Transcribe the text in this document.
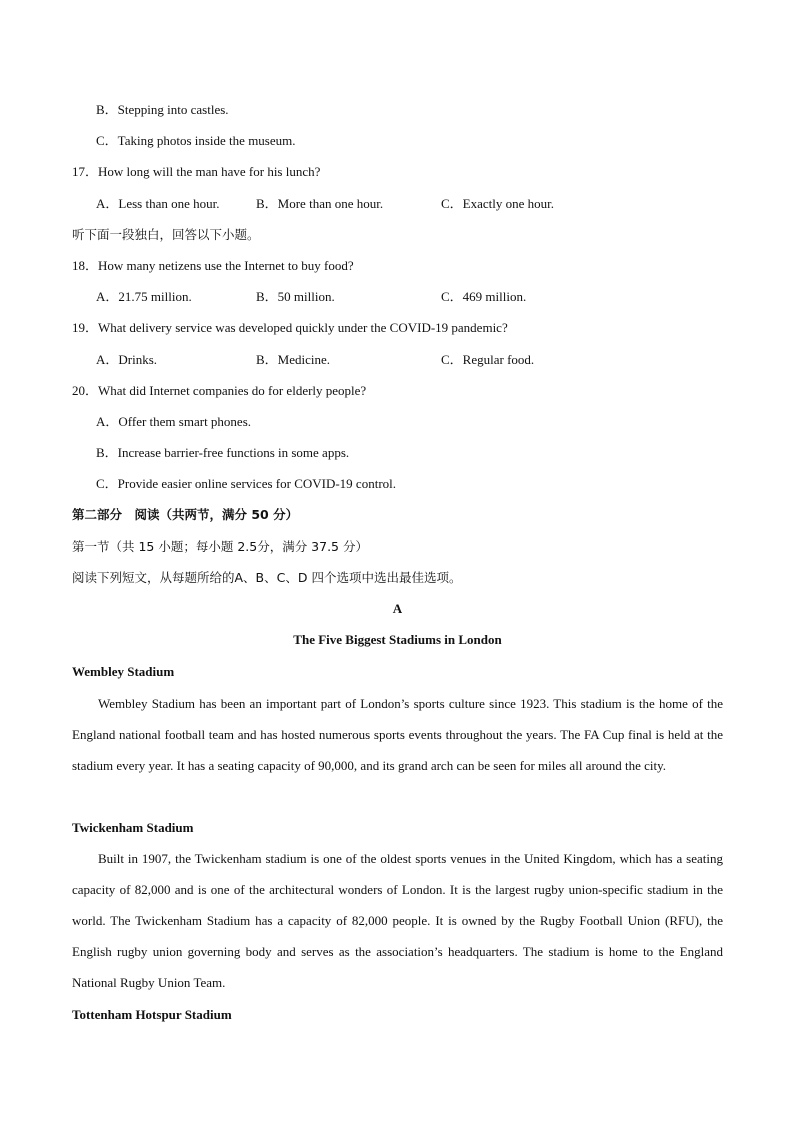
B．Stepping into castles.
C．Taking photos inside the museum.
17．How long will the man have for his lunch?
A．Less than one hour.	B．More than one hour.	C．Exactly one hour.
听下面一段独白，回答以下小题。
18．How many netizens use the Internet to buy food?
A．21.75 million.	B．50 million.	C．469 million.
19．What delivery service was developed quickly under the COVID-19 pandemic?
A．Drinks.	B．Medicine.	C．Regular food.
20．What did Internet companies do for elderly people?
A．Offer them smart phones.
B．Increase barrier-free functions in some apps.
C．Provide easier online services for COVID-19 control.
第二部分　阅读（共两节，满分 50 分）
第一节（共 15 小题；每小题 2.5分，满分 37.5 分）
阅读下列短文，从每题所给的A、B、C、D 四个选项中选出最佳选项。
A
The Five Biggest Stadiums in London
Wembley Stadium
Wembley Stadium has been an important part of London’s sports culture since 1923. This stadium is the home of the England national football team and has hosted numerous sports events throughout the years. The FA Cup final is held at the stadium every year. It has a seating capacity of 90,000, and its grand arch can be seen for miles all around the city.
Twickenham Stadium
Built in 1907, the Twickenham stadium is one of the oldest sports venues in the United Kingdom, which has a seating capacity of 82,000 and is one of the architectural wonders of London. It is the largest rugby union-specific stadium in the world. The Twickenham Stadium has a capacity of 82,000 people. It is owned by the Rugby Football Union (RFU), the English rugby union governing body and serves as the association’s headquarters. The stadium is home to the England National Rugby Union Team.
Tottenham Hotspur Stadium
